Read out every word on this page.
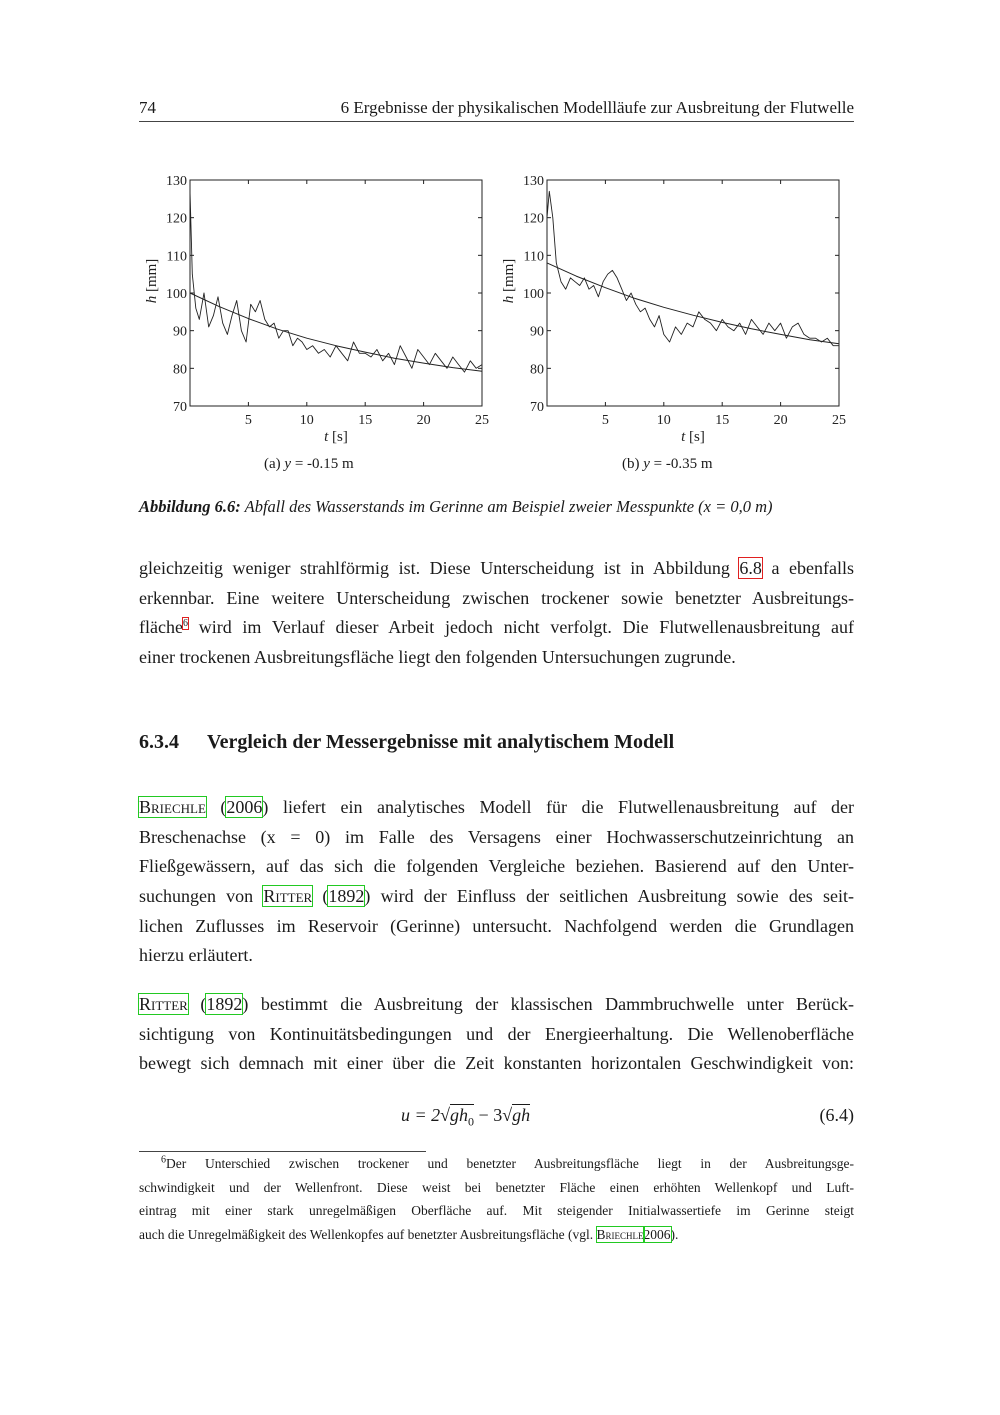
74	6 Ergebnisse der physikalischen Modellläufe zur Ausbreitung der Flutwelle
5	10	15	20	25
70
80
90
100
110
120
130
t [s]
h [mm]
5	10	15	20	25
70
80
90
100
110
120
130
t [s]
h [mm]
(a) y = -0.15 m	(b) y = -0.35 m
Abbildung 6.6: Abfall des Wasserstands im Gerinne am Beispiel zweier Messpunkte (x = 0,0 m)
gleichzeitig weniger strahlförmig ist. Diese Unterscheidung ist in Abbildung 6.8 a ebenfalls
erkennbar. Eine weitere Unterscheidung zwischen trockener sowie benetzter Ausbreitungs-
fläche$^6$ wird im Verlauf dieser Arbeit jedoch nicht verfolgt. Die Flutwellenausbreitung auf
einer trockenen Ausbreitungsfläche liegt den folgenden Untersuchungen zugrunde.
6.3.4 Vergleich der Messergebnisse mit analytischem Modell
Briechle (2006) liefert ein analytisches Modell für die Flutwellenausbreitung auf der
Breschenachse (x = 0) im Falle des Versagens einer Hochwasserschutzeinrichtung an
Fließgewässern, auf das sich die folgenden Vergleiche beziehen. Basierend auf den Unter-
suchungen von Ritter (1892) wird der Einfluss der seitlichen Ausbreitung sowie des seit-
lichen Zuflusses im Reservoir (Gerinne) untersucht. Nachfolgend werden die Grundlagen
hierzu erläutert.
Ritter (1892) bestimmt die Ausbreitung der klassischen Dammbruchwelle unter Berück-
sichtigung von Kontinuitätsbedingungen und der Energieerhaltung. Die Wellenoberfläche
bewegt sich demnach mit einer über die Zeit konstanten horizontalen Geschwindigkeit von:
$u = 2√gh_0 - 3√gh$	(6.4)
$^6$Der Unterschied zwischen trockener und benetzter Ausbreitungsfläche liegt in der Ausbreitungsge-
schwindigkeit und der Wellenfront. Diese weist bei benetzter Fläche einen erhöhten Wellenkopf und Luft-
eintrag mit einer stark unregelmäßigen Oberfläche auf. Mit steigender Initialwassertiefe im Gerinne steigt
auch die Unregelmäßigkeit des Wellenkopfes auf benetzter Ausbreitungsfläche (vgl. Briechle2006).
